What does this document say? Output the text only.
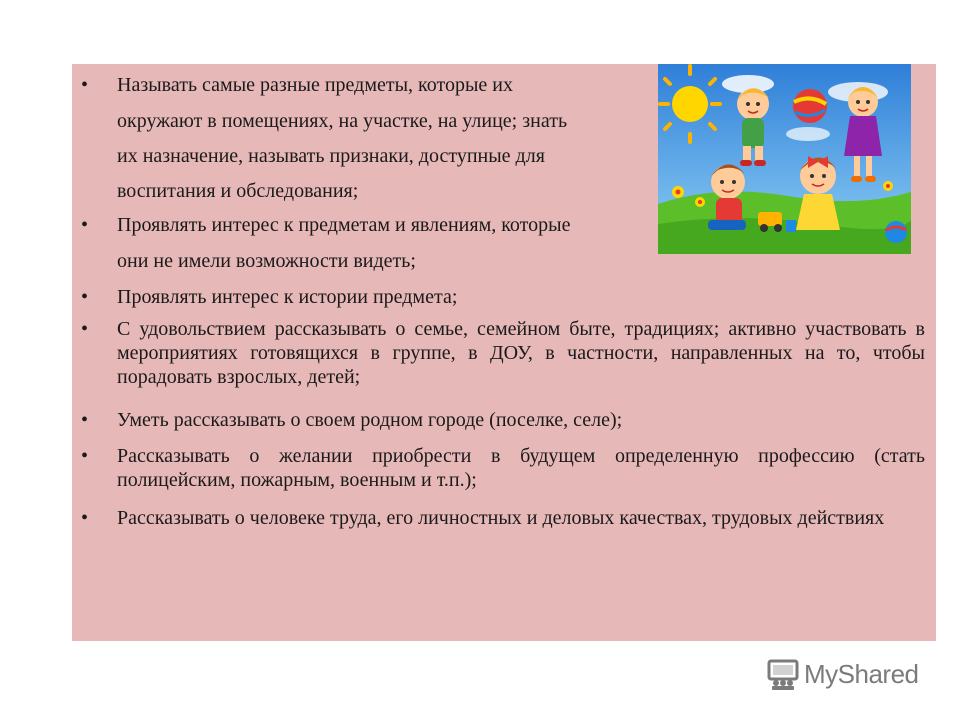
• Называть самые разные предметы, которые их
окружают в помещениях, на участке, на улице; знать
их назначение, называть признаки, доступные для
воспитания и обследования;
• Проявлять интерес к предметам и явлениям, которые
они не имели возможности видеть;
• Проявлять интерес к истории предмета;
• С удовольствием рассказывать о семье, семейном быте, традициях; активно участвовать в мероприятиях готовящихся в группе, в ДОУ, в частности, направленных на то, чтобы порадовать взрослых, детей;
• Уметь рассказывать о своем родном городе (поселке, селе);
• Рассказывать о желании приобрести в будущем определенную профессию (стать полицейским, пожарным, военным и т.п.);
• Рассказывать о человеке труда, его личностных и деловых качествах, трудовых действиях
MyShared
